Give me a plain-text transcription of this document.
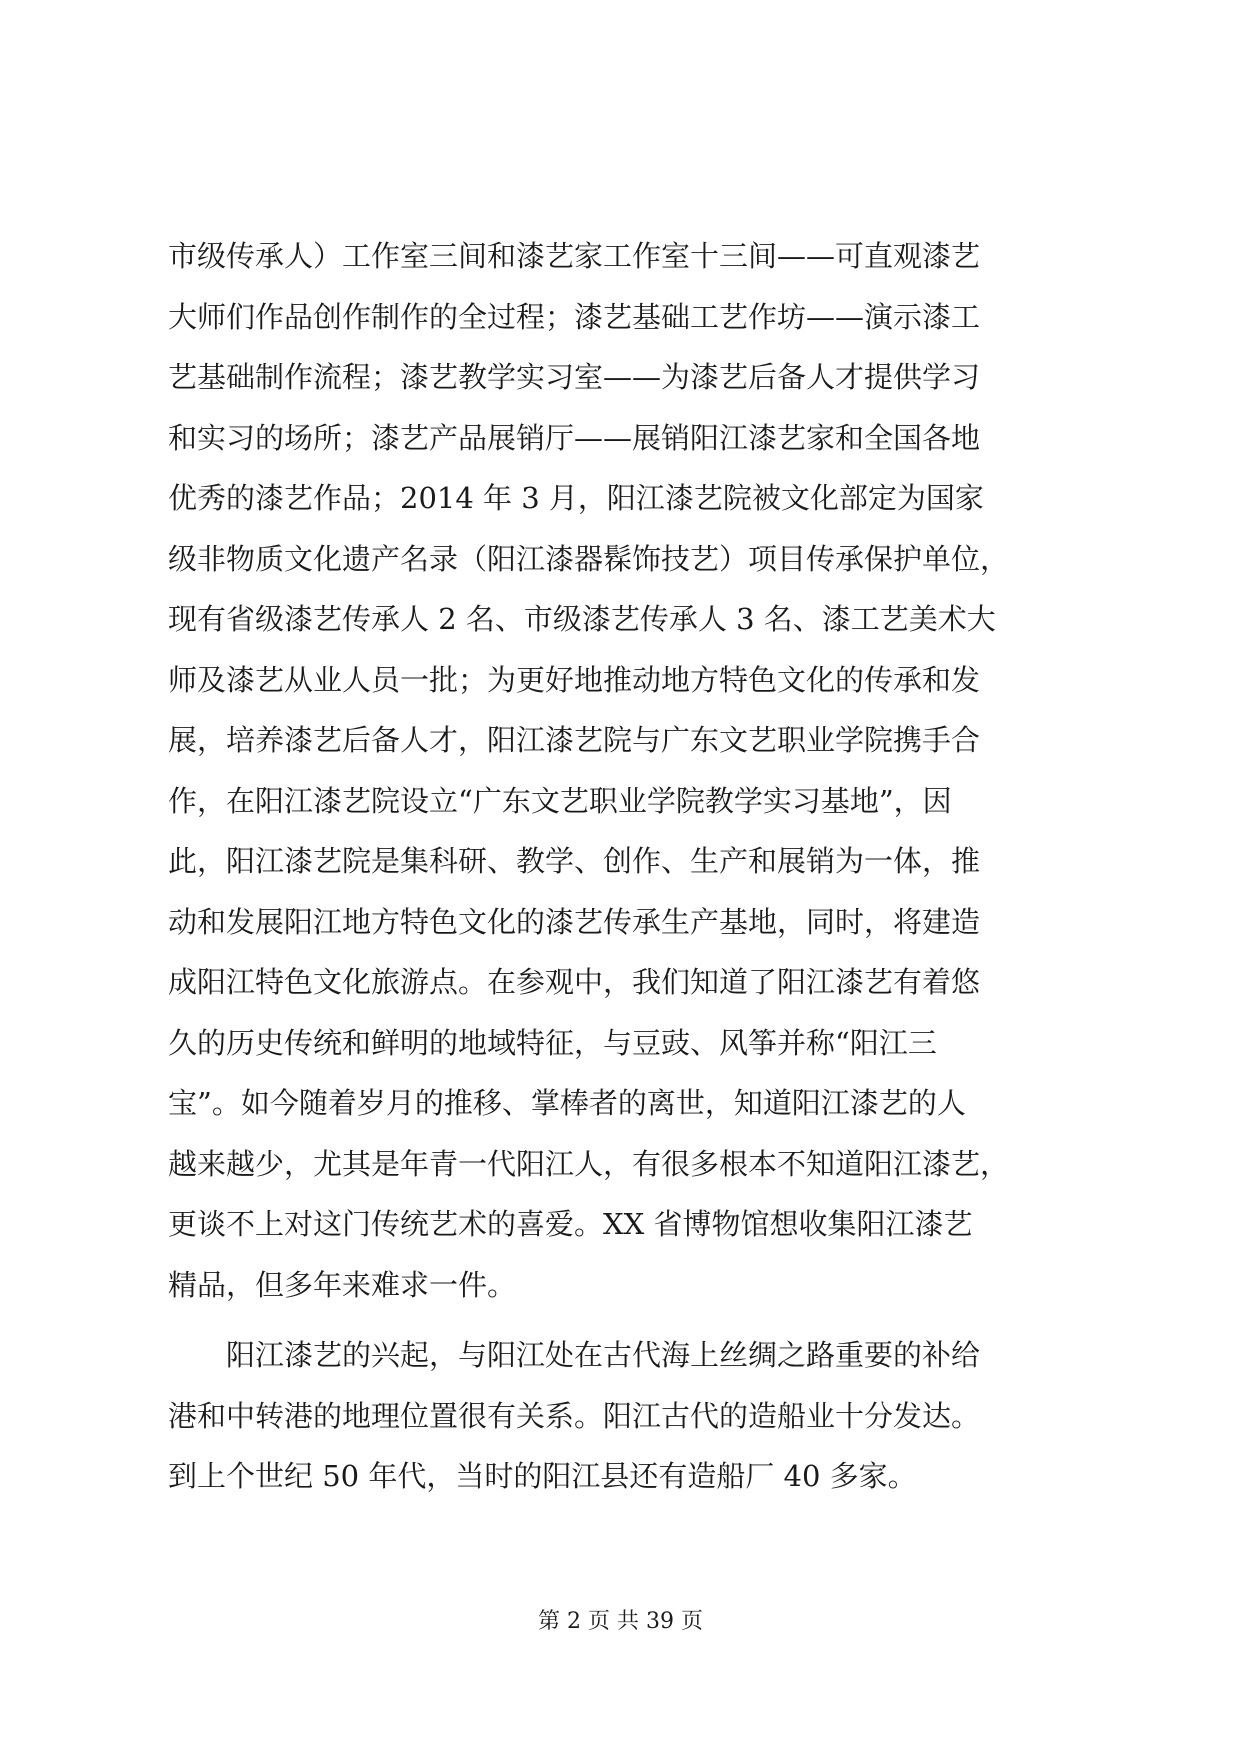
市级传承人）工作室三间和漆艺家工作室十三间——可直观漆艺
大师们作品创作制作的全过程；漆艺基础工艺作坊——演示漆工
艺基础制作流程；漆艺教学实习室——为漆艺后备人才提供学习
和实习的场所；漆艺产品展销厅——展销阳江漆艺家和全国各地
优秀的漆艺作品；2014 年 3 月，阳江漆艺院被文化部定为国家
级非物质文化遗产名录（阳江漆器髹饰技艺）项目传承保护单位，
现有省级漆艺传承人 2 名、市级漆艺传承人 3 名、漆工艺美术大
师及漆艺从业人员一批；为更好地推动地方特色文化的传承和发
展，培养漆艺后备人才，阳江漆艺院与广东文艺职业学院携手合
作，在阳江漆艺院设立“广东文艺职业学院教学实习基地”，因
此，阳江漆艺院是集科研、教学、创作、生产和展销为一体，推
动和发展阳江地方特色文化的漆艺传承生产基地，同时，将建造
成阳江特色文化旅游点。在参观中，我们知道了阳江漆艺有着悠
久的历史传统和鲜明的地域特征，与豆豉、风筝并称“阳江三
宝”。如今随着岁月的推移、掌棒者的离世，知道阳江漆艺的人
越来越少，尤其是年青一代阳江人，有很多根本不知道阳江漆艺，
更谈不上对这门传统艺术的喜爱。XX 省博物馆想收集阳江漆艺
精品，但多年来难求一件。
　　阳江漆艺的兴起，与阳江处在古代海上丝绸之路重要的补给
港和中转港的地理位置很有关系。阳江古代的造船业十分发达。
到上个世纪 50 年代，当时的阳江县还有造船厂 40 多家。
第 2 页 共 39 页
